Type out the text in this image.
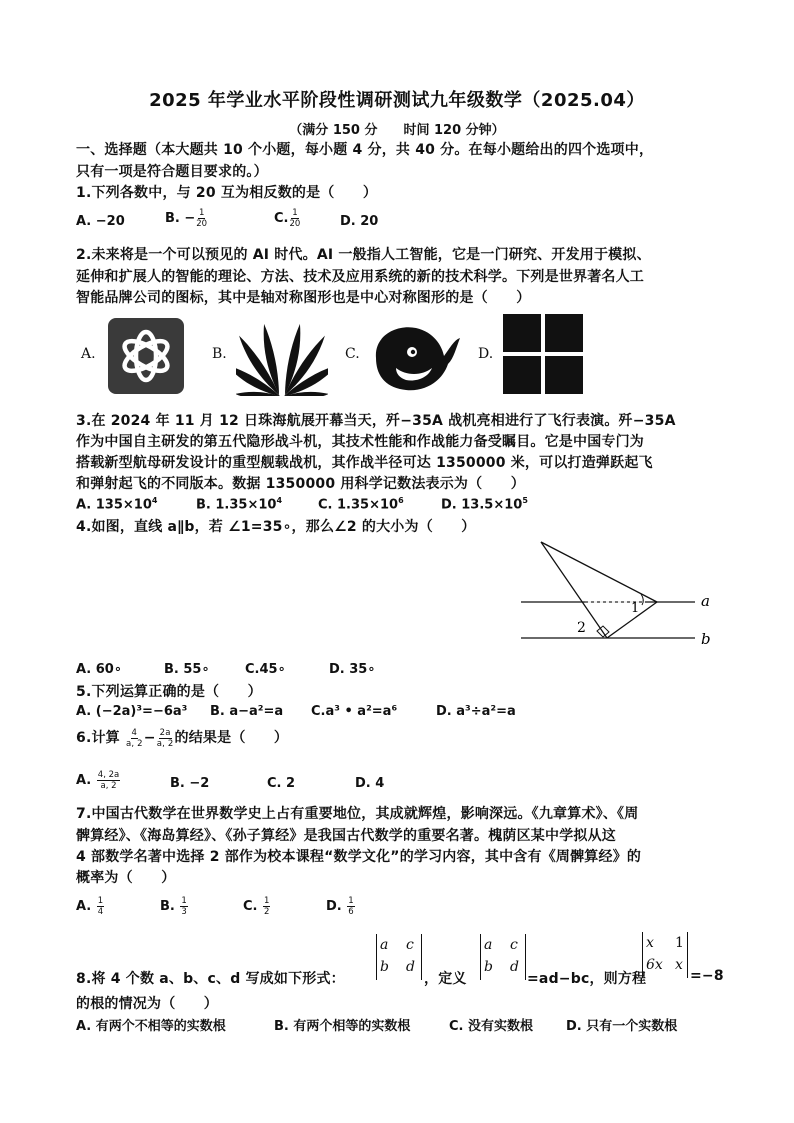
2025 年学业水平阶段性调研测试九年级数学（2025.04）
（满分 150 分　　时间 120 分钟）
一、选择题（本大题共 10 个小题，每小题 4 分，共 40 分。在每小题给出的四个选项中，
只有一项是符合题目要求的。）
1.下列各数中，与 20 互为相反数的是（　　）
A. −20	B. − $\frac{1}{20}$	C. $\frac{1}{20}$	D. 20
2.未来将是一个可以预见的 AI 时代。AI 一般指人工智能，它是一门研究、开发用于模拟、
延伸和扩展人的智能的理论、方法、技术及应用系统的新的技术科学。下列是世界著名人工
智能品牌公司的图标，其中是轴对称图形也是中心对称图形的是（　　）
A.	B.	C.	D.
3.在 2024 年 11 月 12 日珠海航展开幕当天，歼−35A 战机亮相进行了飞行表演。歼−35A
作为中国自主研发的第五代隐形战斗机，其技术性能和作战能力备受瞩目。它是中国专门为
搭载新型航母研发设计的重型舰载战机，其作战半径可达 1350000 米，可以打造弹跃起飞
和弹射起飞的不同版本。数据 1350000 用科学记数法表示为（　　）
A. $135\times 10^4$	B. $1.35\times 10^4$	C. $1.35\times 10^6$	D. $13.5\times 10^5$
4.如图，直线 a∥b，若 ∠1=35∘，那么∠2 的大小为（　　）
1
2
a
b
A. 60∘	B. 55∘	C.45∘	D. 35∘
5.下列运算正确的是（　　）
A. (−2a)³=−6a³ B. a−a²=a C.a³ • a²=a⁶	D. a³÷a²=a
6.计算 $\frac{4}{a, 2} - \frac{2a}{a, 2}$ 的结果是（　　）
A. $\frac{4, 2a}{a, 2}$	B. −2	C. 2	D. 4
7.中国古代数学在世界数学史上占有重要地位，其成就辉煌，影响深远。《九章算术》、《周
髀算经》、《海岛算经》、《孙子算经》是我国古代数学的重要名著。槐荫区某中学拟从这
4 部数学名著中选择 2 部作为校本课程“数学文化”的学习内容，其中含有《周髀算经》的
概率为（　　）
A. $\frac{1}{4}$	B. $\frac{1}{3}$	C. $\frac{1}{2}$	D. $\frac{1}{6}$
8.将 4 个数 a、b、c、d 写成如下形式：
a c
b d
，定义
a c
b d
=ad−bc，则方程
x 1
6x x
=−8
的根的情况为（　　）
A. 有两个不相等的实数根	B. 有两个相等的实数根	C. 没有实数根	D. 只有一个实数根
